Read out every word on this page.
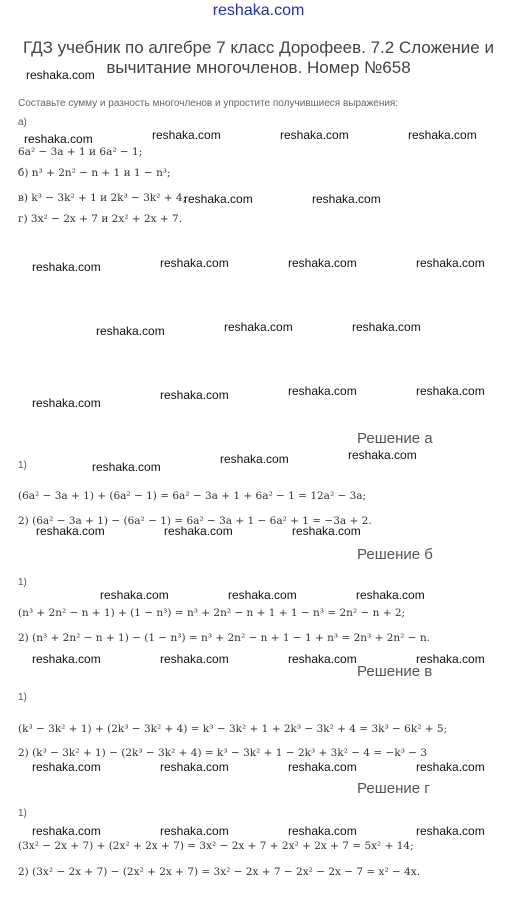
reshaka.com
ГДЗ учебник по алгебре 7 класс Дорофеев. 7.2 Сложение и вычитание многочленов. Номер №658
Составьте сумму и разность многочленов и упростите получившиеся выражения:
а)
6a² − 3a + 1 и 6a² − 1;
б) n³ + 2n² − n + 1 и 1 − n³;
в) k³ − 3k² + 1 и 2k³ − 3k² + 4;
г) 3x² − 2x + 7 и 2x² + 2x + 7.
Решение а
1)
(6a² − 3a + 1) + (6a² − 1) = 6a² − 3a + 1 + 6a² − 1 = 12a² − 3a;
2) (6a² − 3a + 1) − (6a² − 1) = 6a² − 3a + 1 − 6a² + 1 = −3a + 2.
Решение б
1)
(n³ + 2n² − n + 1) + (1 − n³) = n³ + 2n² − n + 1 + 1 − n³ = 2n² − n + 2;
2) (n³ + 2n² − n + 1) − (1 − n³) = n³ + 2n² − n + 1 − 1 + n³ = 2n³ + 2n² − n.
Решение в
1)
(k³ − 3k² + 1) + (2k³ − 3k² + 4) = k³ − 3k² + 1 + 2k³ − 3k² + 4 = 3k³ − 6k² + 5;
2) (k³ − 3k² + 1) − (2k³ − 3k² + 4) = k³ − 3k² + 1 − 2k³ + 3k² − 4 = −k³ − 3
Решение г
1)
(3x² − 2x + 7) + (2x² + 2x + 7) = 3x² − 2x + 7 + 2x² + 2x + 7 = 5x² + 14;
2) (3x² − 2x + 7) − (2x² + 2x + 7) = 3x² − 2x + 7 − 2x² − 2x − 7 = x² − 4x.
reshaka.com
reshaka.com	reshaka.com	reshaka.com	reshaka.com
reshaka.com	reshaka.com
reshaka.com	reshaka.com	reshaka.com	reshaka.com
reshaka.com	reshaka.com	reshaka.com
reshaka.com
reshaka.com	reshaka.com	reshaka.com
reshaka.com
reshaka.com	reshaka.com
reshaka.com	reshaka.com	reshaka.com
reshaka.com	reshaka.com	reshaka.com
reshaka.com	reshaka.com	reshaka.com	reshaka.com
reshaka.com	reshaka.com	reshaka.com	reshaka.com
reshaka.com	reshaka.com	reshaka.com	reshaka.com
